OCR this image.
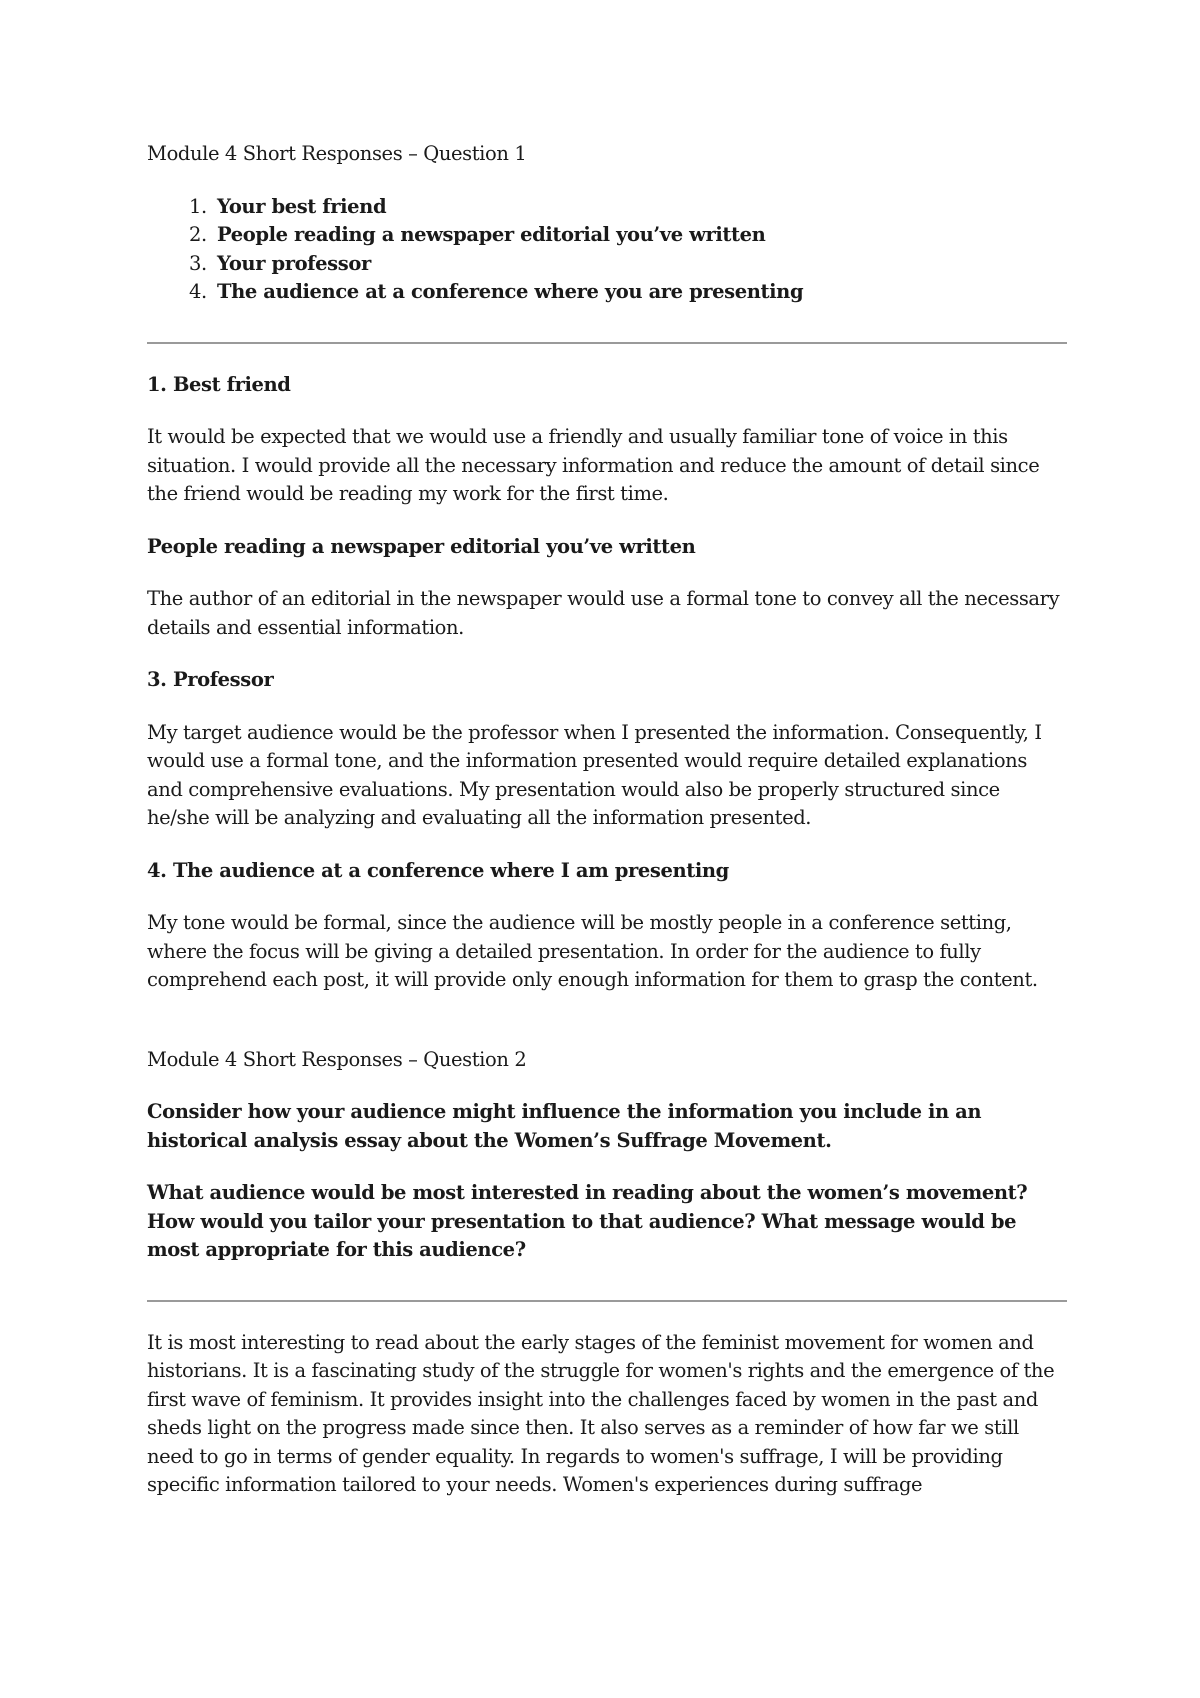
Module 4 Short Responses – Question 1

1. Your best friend
2. People reading a newspaper editorial you’ve written
3. Your professor
4. The audience at a conference where you are presenting

1. Best friend

It would be expected that we would use a friendly and usually familiar tone of voice in this situation. I would provide all the necessary information and reduce the amount of detail since the friend would be reading my work for the first time.

People reading a newspaper editorial you’ve written

The author of an editorial in the newspaper would use a formal tone to convey all the necessary details and essential information.

3. Professor

My target audience would be the professor when I presented the information. Consequently, I would use a formal tone, and the information presented would require detailed explanations and comprehensive evaluations. My presentation would also be properly structured since he/she will be analyzing and evaluating all the information presented.

4. The audience at a conference where I am presenting

My tone would be formal, since the audience will be mostly people in a conference setting, where the focus will be giving a detailed presentation. In order for the audience to fully comprehend each post, it will provide only enough information for them to grasp the content.

Module 4 Short Responses – Question 2

Consider how your audience might influence the information you include in an historical analysis essay about the Women’s Suffrage Movement.

What audience would be most interested in reading about the women’s movement? How would you tailor your presentation to that audience? What message would be most appropriate for this audience?

It is most interesting to read about the early stages of the feminist movement for women and historians. It is a fascinating study of the struggle for women's rights and the emergence of the first wave of feminism. It provides insight into the challenges faced by women in the past and sheds light on the progress made since then. It also serves as a reminder of how far we still need to go in terms of gender equality. In regards to women's suffrage, I will be providing specific information tailored to your needs. Women's experiences during suffrage
